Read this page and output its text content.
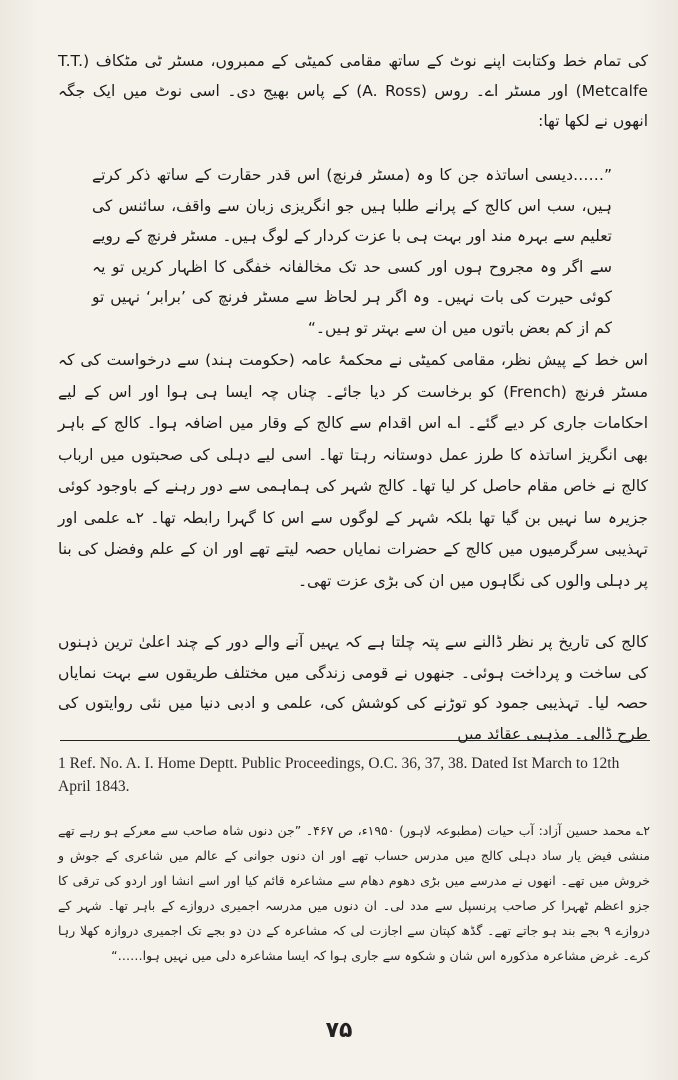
کی تمام خط وکتابت اپنے نوٹ کے ساتھ مقامی کمیٹی کے ممبروں، مسٹر ٹی مٹکاف (T.T. Metcalfe) اور مسٹر اے۔ روس (A. Ross) کے پاس بھیج دی۔ اسی نوٹ میں ایک جگہ انھوں نے لکھا تھا:

”……دیسی اساتذہ جن کا وہ (مسٹر فرنچ) اس قدر حقارت کے ساتھ ذکر کرتے ہیں، سب اس کالج کے پرانے طلبا ہیں جو انگریزی زبان سے واقف، سائنس کی تعلیم سے بہرہ مند اور بہت ہی با عزت کردار کے لوگ ہیں۔ مسٹر فرنچ کے رویے سے اگر وہ مجروح ہوں اور کسی حد تک مخالفانہ خفگی کا اظہار کریں تو یہ کوئی حیرت کی بات نہیں۔ وہ اگر ہر لحاظ سے مسٹر فرنچ کی ’برابر‘ نہیں تو کم از کم بعض باتوں میں ان سے بہتر تو ہیں۔“

اس خط کے پیش نظر، مقامی کمیٹی نے محکمۂ عامہ (حکومت ہند) سے درخواست کی کہ مسٹر فرنچ (French) کو برخاست کر دیا جائے۔ چناں چہ ایسا ہی ہوا اور اس کے لیے احکامات جاری کر دیے گئے۔ ا؎ اس اقدام سے کالج کے وقار میں اضافہ ہوا۔ کالج کے باہر بھی انگریز اساتذہ کا طرز عمل دوستانہ رہتا تھا۔ اسی لیے دہلی کی صحبتوں میں ارباب کالج نے خاص مقام حاصل کر لیا تھا۔ کالج شہر کی ہماہمی سے دور رہنے کے باوجود کوئی جزیرہ سا نہیں بن گیا تھا بلکہ شہر کے لوگوں سے اس کا گہرا رابطہ تھا۔ ۲؎ علمی اور تہذیبی سرگرمیوں میں کالج کے حضرات نمایاں حصہ لیتے تھے اور ان کے علم وفضل کی بنا پر دہلی والوں کی نگاہوں میں ان کی بڑی عزت تھی۔

کالج کی تاریخ پر نظر ڈالنے سے پتہ چلتا ہے کہ یہیں آنے والے دور کے چند اعلیٰ ترین ذہنوں کی ساخت و پرداخت ہوئی۔ جنھوں نے قومی زندگی میں مختلف طریقوں سے بہت نمایاں حصہ لیا۔ تہذیبی جمود کو توڑنے کی کوشش کی، علمی و ادبی دنیا میں نئی روایتوں کی طرح ڈالی۔ مذہبی عقائد میں

1 Ref. No. A. I. Home Deptt. Public Proceedings, O.C. 36, 37, 38. Dated Ist March to 12th April 1843.
۲؎ محمد حسین آزاد: آب حیات (مطبوعہ لاہور) ۱۹۵۰ء، ص ۴۶۷۔ ”جن دنوں شاہ صاحب سے معرکے ہو رہے تھے منشی فیض یار ساد دہلی کالج میں مدرس حساب تھے اور ان دنوں جوانی کے عالم میں شاعری کے جوش و خروش میں تھے۔ انھوں نے مدرسے میں بڑی دھوم دھام سے مشاعرہ قائم کیا اور اسے انشا اور اردو کی ترقی کا جزو اعظم ٹھہرا کر صاحب پرنسپل سے مدد لی۔ ان دنوں میں مدرسہ اجمیری دروازے کے باہر تھا۔ شہر کے دروازے ۹ بجے بند ہو جاتے تھے۔ گڈھ کپتان سے اجازت لی کہ مشاعرہ کے دن دو بجے تک اجمیری دروازہ کھلا رہا کرے۔ غرض مشاعرہ مذکورہ اس شان و شکوہ سے جاری ہوا کہ ایسا مشاعرہ دلی میں نہیں ہوا……“
۷۵
